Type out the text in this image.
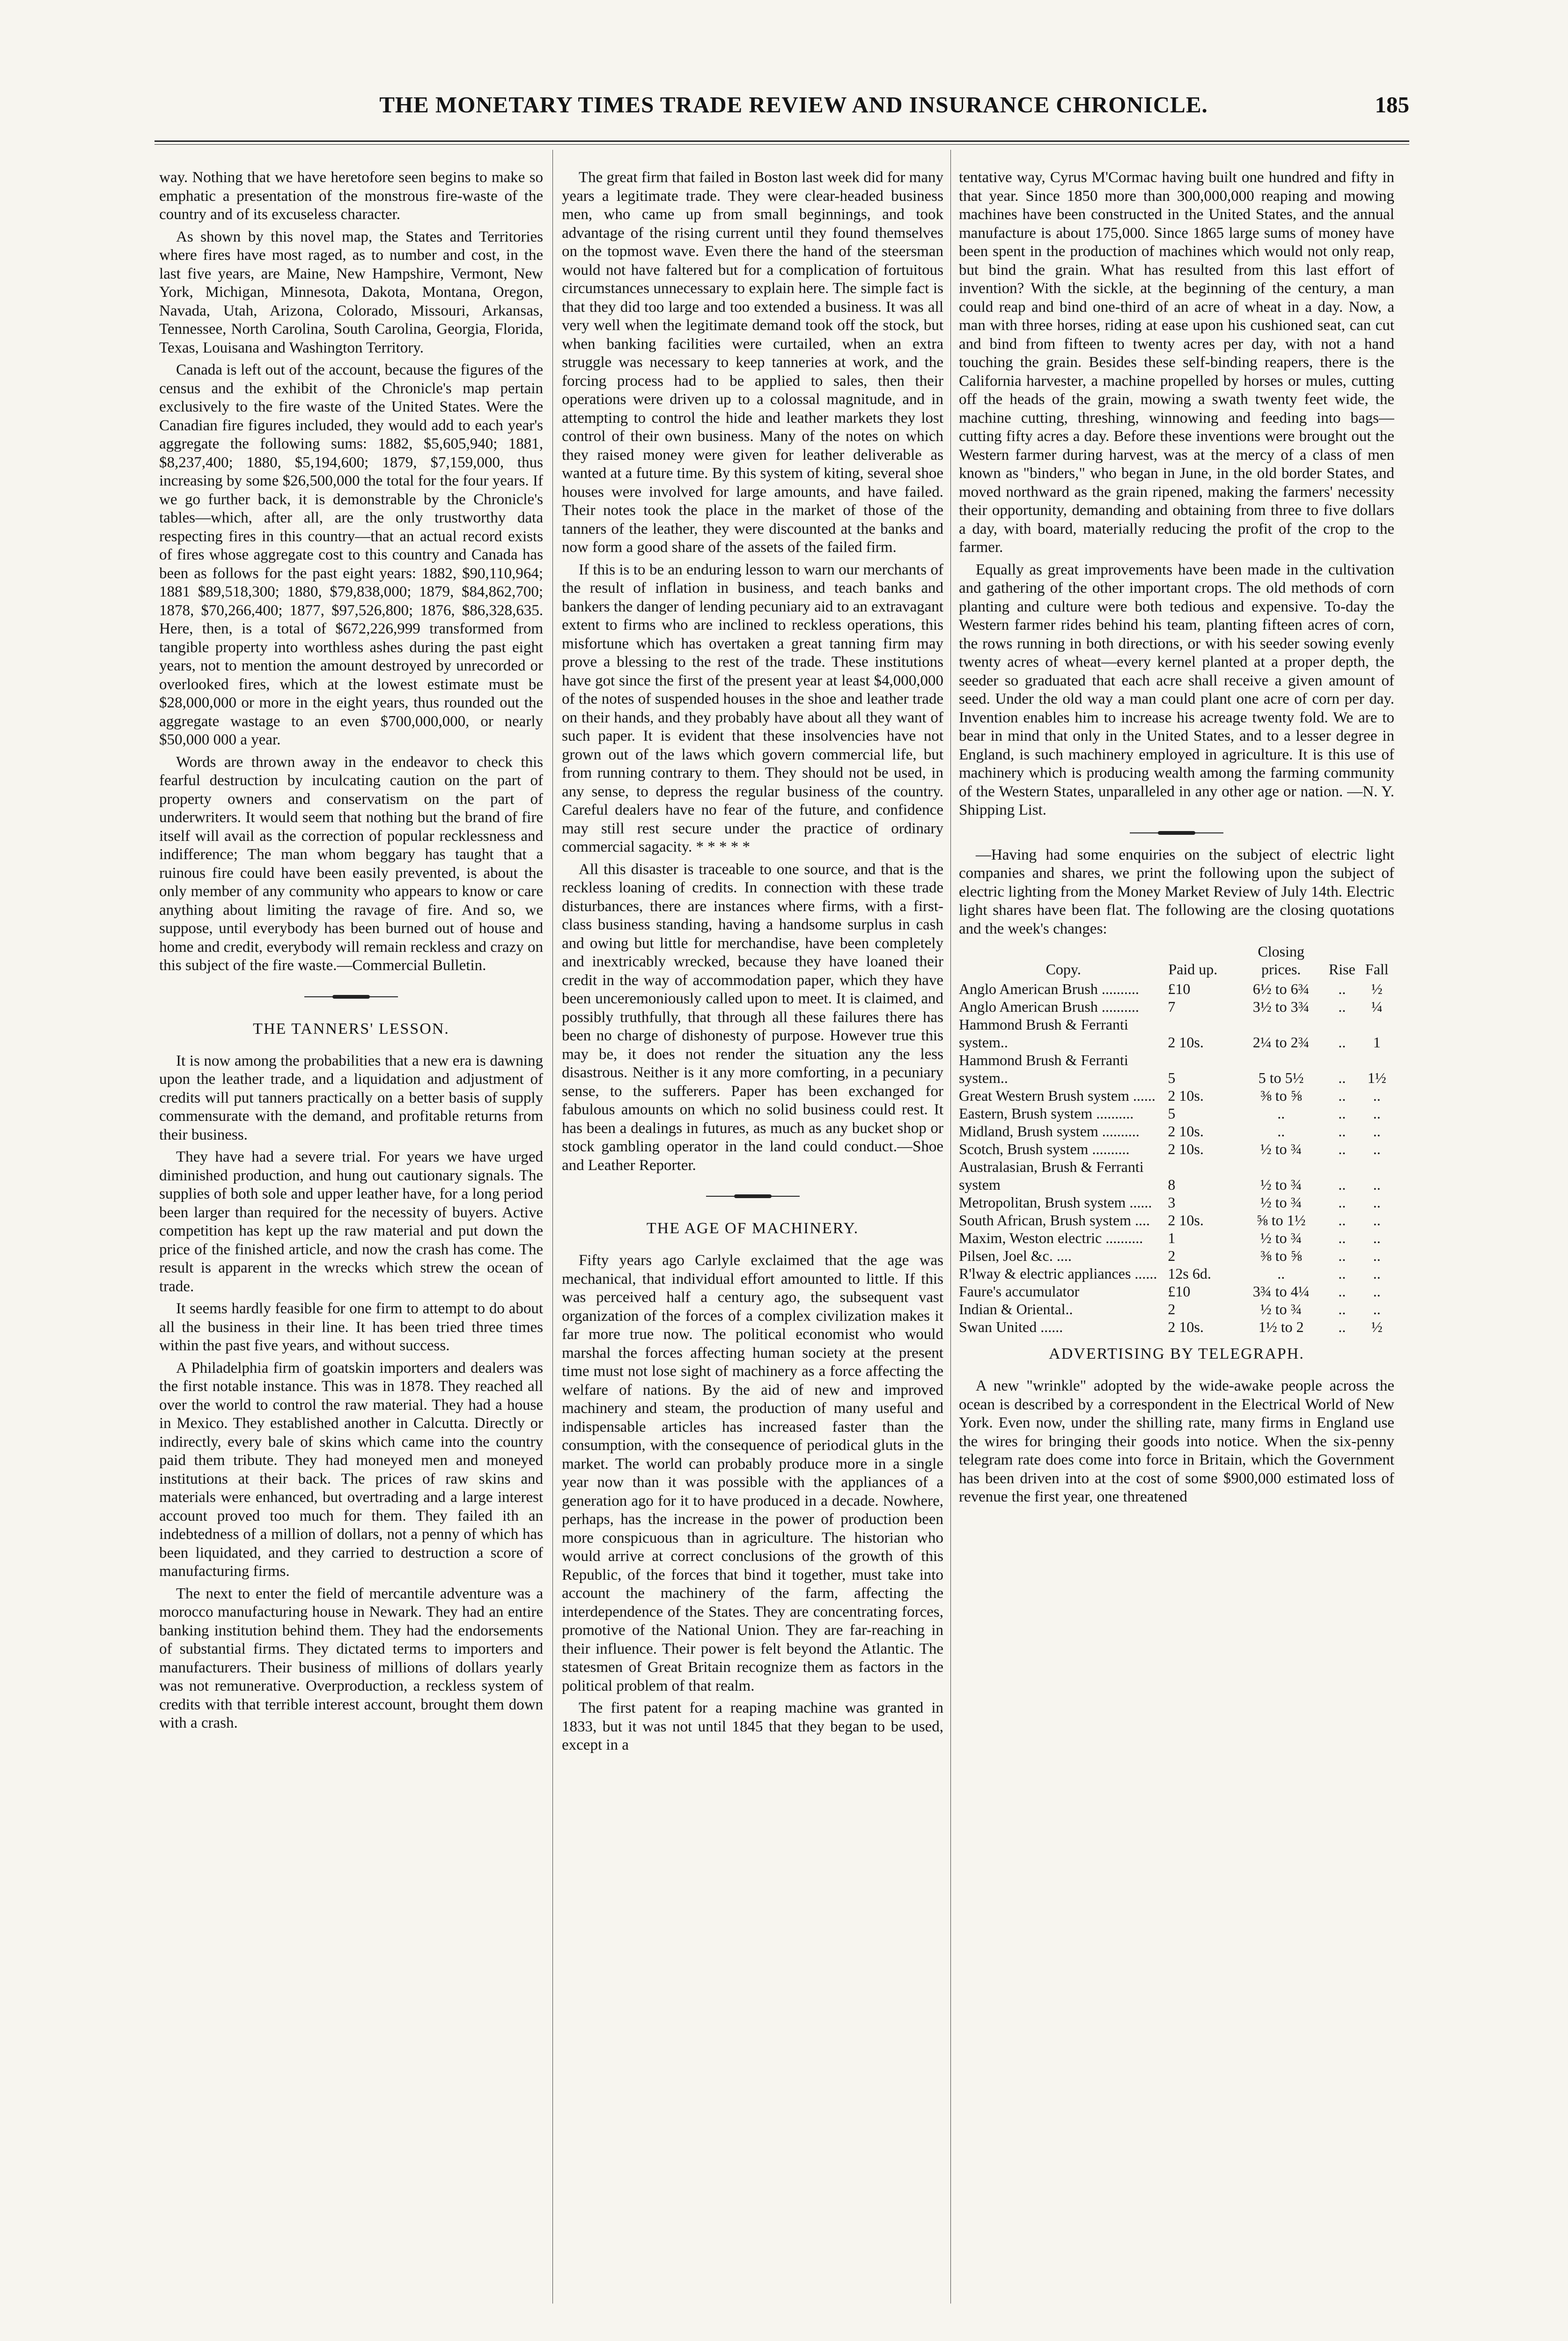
THE MONETARY TIMES TRADE REVIEW AND INSURANCE CHRONICLE.	185

way. Nothing that we have heretofore seen begins to make so emphatic a presentation of the monstrous fire-waste of the country and of its excuseless character.

As shown by this novel map, the States and Territories where fires have most raged, as to number and cost, in the last five years, are Maine, New Hampshire, Vermont, New York, Michigan, Minnesota, Dakota, Montana, Oregon, Navada, Utah, Arizona, Colorado, Missouri, Arkansas, Tennessee, North Carolina, South Carolina, Georgia, Florida, Texas, Louisana and Washington Territory.

Canada is left out of the account, because the figures of the census and the exhibit of the Chronicle's map pertain exclusively to the fire waste of the United States. Were the Canadian fire figures included, they would add to each year's aggregate the following sums: 1882, $5,605,940; 1881, $8,237,400; 1880, $5,194,600; 1879, $7,159,000, thus increasing by some $26,500,000 the total for the four years. If we go further back, it is demonstrable by the Chronicle's tables—which, after all, are the only trustworthy data respecting fires in this country—that an actual record exists of fires whose aggregate cost to this country and Canada has been as follows for the past eight years: 1882, $90,110,964; 1881 $89,518,300; 1880, $79,838,000; 1879, $84,862,700; 1878, $70,266,400; 1877, $97,526,800; 1876, $86,328,635. Here, then, is a total of $672,226,999 transformed from tangible property into worthless ashes during the past eight years, not to mention the amount destroyed by unrecorded or overlooked fires, which at the lowest estimate must be $28,000,000 or more in the eight years, thus rounded out the aggregate wastage to an even $700,000,000, or nearly $50,000 000 a year.

Words are thrown away in the endeavor to check this fearful destruction by inculcating caution on the part of property owners and conservatism on the part of underwriters. It would seem that nothing but the brand of fire itself will avail as the correction of popular recklessness and indifference; The man whom beggary has taught that a ruinous fire could have been easily prevented, is about the only member of any community who appears to know or care anything about limiting the ravage of fire. And so, we suppose, until everybody has been burned out of house and home and credit, everybody will remain reckless and crazy on this subject of the fire waste.—Commercial Bulletin.

THE TANNERS' LESSON.

It is now among the probabilities that a new era is dawning upon the leather trade, and a liquidation and adjustment of credits will put tanners practically on a better basis of supply commensurate with the demand, and profitable returns from their business.

They have had a severe trial. For years we have urged diminished production, and hung out cautionary signals. The supplies of both sole and upper leather have, for a long period been larger than required for the necessity of buyers. Active competition has kept up the raw material and put down the price of the finished article, and now the crash has come. The result is apparent in the wrecks which strew the ocean of trade.

It seems hardly feasible for one firm to attempt to do about all the business in their line. It has been tried three times within the past five years, and without success.

A Philadelphia firm of goatskin importers and dealers was the first notable instance. This was in 1878. They reached all over the world to control the raw material. They had a house in Mexico. They established another in Calcutta. Directly or indirectly, every bale of skins which came into the country paid them tribute. They had moneyed men and moneyed institutions at their back. The prices of raw skins and materials were enhanced, but overtrading and a large interest account proved too much for them. They failed ith an indebtedness of a million of dollars, not a penny of which has been liquidated, and they carried to destruction a score of manufacturing firms.

The next to enter the field of mercantile adventure was a morocco manufacturing house in Newark. They had an entire banking institution behind them. They had the endorsements of substantial firms. They dictated terms to importers and manufacturers. Their business of millions of dollars yearly was not remunerative. Overproduction, a reckless system of credits with that terrible interest account, brought them down with a crash.

The great firm that failed in Boston last week did for many years a legitimate trade. They were clear-headed business men, who came up from small beginnings, and took advantage of the rising current until they found themselves on the topmost wave. Even there the hand of the steersman would not have faltered but for a complication of fortuitous circumstances unnecessary to explain here. The simple fact is that they did too large and too extended a business. It was all very well when the legitimate demand took off the stock, but when banking facilities were curtailed, when an extra struggle was necessary to keep tanneries at work, and the forcing process had to be applied to sales, then their operations were driven up to a colossal magnitude, and in attempting to control the hide and leather markets they lost control of their own business. Many of the notes on which they raised money were given for leather deliverable as wanted at a future time. By this system of kiting, several shoe houses were involved for large amounts, and have failed. Their notes took the place in the market of those of the tanners of the leather, they were discounted at the banks and now form a good share of the assets of the failed firm.

If this is to be an enduring lesson to warn our merchants of the result of inflation in business, and teach banks and bankers the danger of lending pecuniary aid to an extravagant extent to firms who are inclined to reckless operations, this misfortune which has overtaken a great tanning firm may prove a blessing to the rest of the trade. These institutions have got since the first of the present year at least $4,000,000 of the notes of suspended houses in the shoe and leather trade on their hands, and they probably have about all they want of such paper. It is evident that these insolvencies have not grown out of the laws which govern commercial life, but from running contrary to them. They should not be used, in any sense, to depress the regular business of the country. Careful dealers have no fear of the future, and confidence may still rest secure under the practice of ordinary commercial sagacity. * * * * *

All this disaster is traceable to one source, and that is the reckless loaning of credits. In connection with these trade disturbances, there are instances where firms, with a first-class business standing, having a handsome surplus in cash and owing but little for merchandise, have been completely and inextricably wrecked, because they have loaned their credit in the way of accommodation paper, which they have been unceremoniously called upon to meet. It is claimed, and possibly truthfully, that through all these failures there has been no charge of dishonesty of purpose. However true this may be, it does not render the situation any the less disastrous. Neither is it any more comforting, in a pecuniary sense, to the sufferers. Paper has been exchanged for fabulous amounts on which no solid business could rest. It has been a dealings in futures, as much as any bucket shop or stock gambling operator in the land could conduct.—Shoe and Leather Reporter.

THE AGE OF MACHINERY.

Fifty years ago Carlyle exclaimed that the age was mechanical, that individual effort amounted to little. If this was perceived half a century ago, the subsequent vast organization of the forces of a complex civilization makes it far more true now. The political economist who would marshal the forces affecting human society at the present time must not lose sight of machinery as a force affecting the welfare of nations. By the aid of new and improved machinery and steam, the production of many useful and indispensable articles has increased faster than the consumption, with the consequence of periodical gluts in the market. The world can probably produce more in a single year now than it was possible with the appliances of a generation ago for it to have produced in a decade. Nowhere, perhaps, has the increase in the power of production been more conspicuous than in agriculture. The historian who would arrive at correct conclusions of the growth of this Republic, of the forces that bind it together, must take into account the machinery of the farm, affecting the interdependence of the States. They are concentrating forces, promotive of the National Union. They are far-reaching in their influence. Their power is felt beyond the Atlantic. The statesmen of Great Britain recognize them as factors in the political problem of that realm.

The first patent for a reaping machine was granted in 1833, but it was not until 1845 that they began to be used, except in a

tentative way, Cyrus M'Cormac having built one hundred and fifty in that year. Since 1850 more than 300,000,000 reaping and mowing machines have been constructed in the United States, and the annual manufacture is about 175,000. Since 1865 large sums of money have been spent in the production of machines which would not only reap, but bind the grain. What has resulted from this last effort of invention? With the sickle, at the beginning of the century, a man could reap and bind one-third of an acre of wheat in a day. Now, a man with three horses, riding at ease upon his cushioned seat, can cut and bind from fifteen to twenty acres per day, with not a hand touching the grain. Besides these self-binding reapers, there is the California harvester, a machine propelled by horses or mules, cutting off the heads of the grain, mowing a swath twenty feet wide, the machine cutting, threshing, winnowing and feeding into bags—cutting fifty acres a day. Before these inventions were brought out the Western farmer during harvest, was at the mercy of a class of men known as "binders," who began in June, in the old border States, and moved northward as the grain ripened, making the farmers' necessity their opportunity, demanding and obtaining from three to five dollars a day, with board, materially reducing the profit of the crop to the farmer.

Equally as great improvements have been made in the cultivation and gathering of the other important crops. The old methods of corn planting and culture were both tedious and expensive. To-day the Western farmer rides behind his team, planting fifteen acres of corn, the rows running in both directions, or with his seeder sowing evenly twenty acres of wheat—every kernel planted at a proper depth, the seeder so graduated that each acre shall receive a given amount of seed. Under the old way a man could plant one acre of corn per day. Invention enables him to increase his acreage twenty fold. We are to bear in mind that only in the United States, and to a lesser degree in England, is such machinery employed in agriculture. It is this use of machinery which is producing wealth among the farming community of the Western States, unparalleled in any other age or nation. —N. Y. Shipping List.

—Having had some enquiries on the subject of electric light companies and shares, we print the following upon the subject of electric lighting from the Money Market Review of July 14th. Electric light shares have been flat. The following are the closing quotations and the week's changes:

Copy.	Paid up.	Closing prices.	Rise	Fall
Anglo American Brush ..........	£10	6½ to 6¾	..	½
Anglo American Brush ..........	7	3½ to 3¾	..	¼
Hammond Brush & Ferranti system..	2 10s.	2¼ to 2¾	..	1
Hammond Brush & Ferranti system..	5	5 to 5½	..	1½
Great Western Brush system ......	2 10s.	⅜ to ⅝	..	..
Eastern, Brush system ..........	5	..	..	..
Midland, Brush system ..........	2 10s.	..	..	..
Scotch, Brush system ..........	2 10s.	½ to ¾	..	..
Australasian, Brush & Ferranti system	8	½ to ¾	..	..
Metropolitan, Brush system ......	3	½ to ¾	..	..
South African, Brush system ....	2 10s.	⅝ to 1½	..	..
Maxim, Weston electric ..........	1	½ to ¾	..	..
Pilsen, Joel &c. ....	2	⅜ to ⅝	..	..
R'lway & electric appliances ......	12s 6d.	..	..	..
Faure's accumulator	£10	3¾ to 4¼	..	..
Indian & Oriental..	2	½ to ¾	..	..
Swan United ......	2 10s.	1½ to 2	..	½
ADVERTISING BY TELEGRAPH.

A new "wrinkle" adopted by the wide-awake people across the ocean is described by a correspondent in the Electrical World of New York. Even now, under the shilling rate, many firms in England use the wires for bringing their goods into notice. When the six-penny telegram rate does come into force in Britain, which the Government has been driven into at the cost of some $900,000 estimated loss of revenue the first year, one threatened
